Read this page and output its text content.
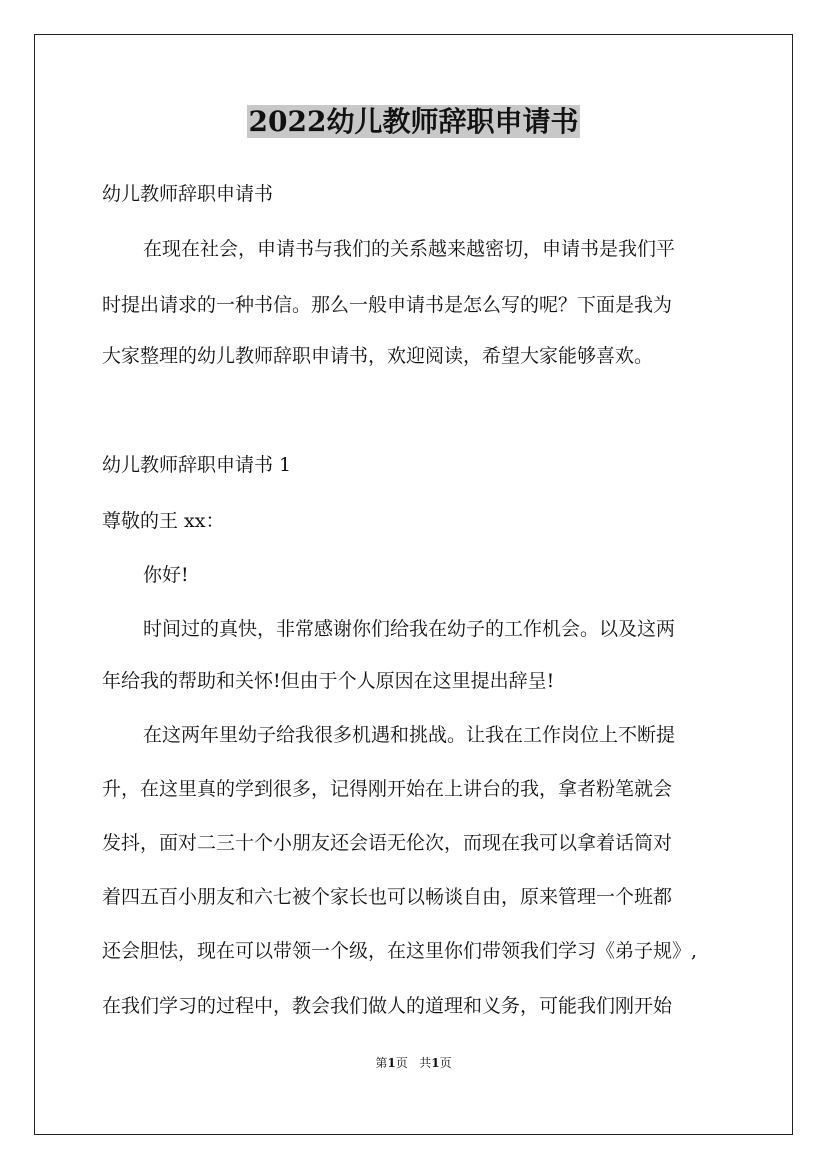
2022幼儿教师辞职申请书

幼儿教师辞职申请书

在现在社会，申请书与我们的关系越来越密切，申请书是我们平

时提出请求的一种书信。那么一般申请书是怎么写的呢？下面是我为

大家整理的幼儿教师辞职申请书，欢迎阅读，希望大家能够喜欢。

幼儿教师辞职申请书 1

尊敬的王 xx：

你好!

时间过的真快，非常感谢你们给我在幼子的工作机会。以及这两

年给我的帮助和关怀!但由于个人原因在这里提出辞呈!

在这两年里幼子给我很多机遇和挑战。让我在工作岗位上不断提

升，在这里真的学到很多，记得刚开始在上讲台的我，拿者粉笔就会

发抖，面对二三十个小朋友还会语无伦次，而现在我可以拿着话筒对

着四五百小朋友和六七被个家长也可以畅谈自由，原来管理一个班都

还会胆怯，现在可以带领一个级，在这里你们带领我们学习《弟子规》,

在我们学习的过程中，教会我们做人的道理和义务，可能我们刚开始

第1页 共1页
